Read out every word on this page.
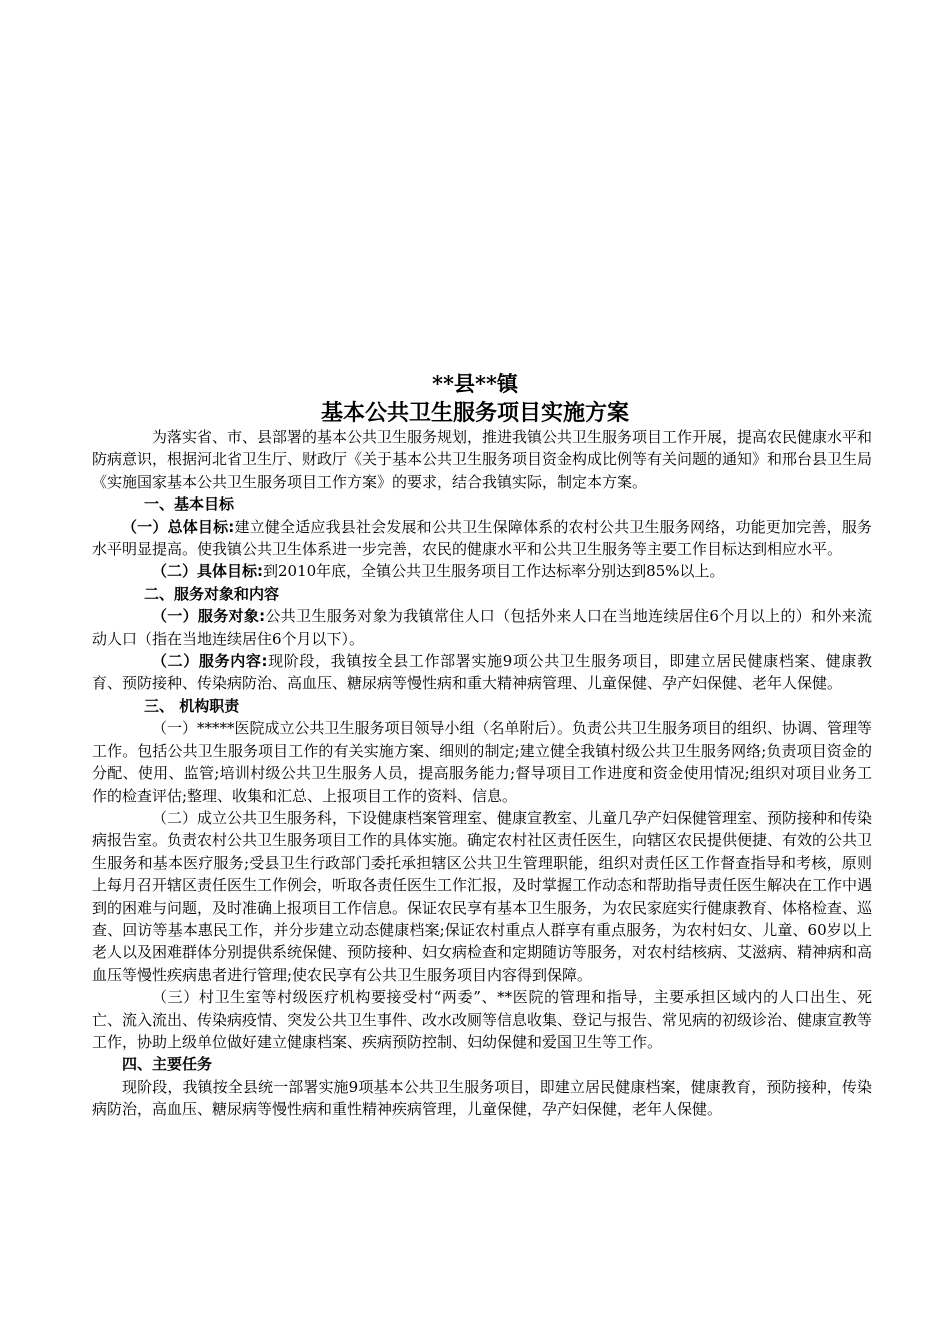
**县**镇
基本公共卫生服务项目实施方案

为落实省、市、县部署的基本公共卫生服务规划，推进我镇公共卫生服务项目工作开展，提高农民健康水平和防病意识，根据河北省卫生厅、财政厅《关于基本公共卫生服务项目资金构成比例等有关问题的通知》和邢台县卫生局《实施国家基本公共卫生服务项目工作方案》的要求，结合我镇实际，制定本方案。

一、基本目标

（一）总体目标:建立健全适应我县社会发展和公共卫生保障体系的农村公共卫生服务网络，功能更加完善，服务水平明显提高。使我镇公共卫生体系进一步完善，农民的健康水平和公共卫生服务等主要工作目标达到相应水平。

（二）具体目标:到2010年底，全镇公共卫生服务项目工作达标率分别达到85%以上。

二、服务对象和内容

（一）服务对象:公共卫生服务对象为我镇常住人口（包括外来人口在当地连续居住6个月以上的）和外来流动人口（指在当地连续居住6个月以下）。

（二）服务内容:现阶段，我镇按全县工作部署实施9项公共卫生服务项目，即建立居民健康档案、健康教育、预防接种、传染病防治、高血压、糖尿病等慢性病和重大精神病管理、儿童保健、孕产妇保健、老年人保健。

三、 机构职责

（一）*****医院成立公共卫生服务项目领导小组（名单附后）。负责公共卫生服务项目的组织、协调、管理等工作。包括公共卫生服务项目工作的有关实施方案、细则的制定;建立健全我镇村级公共卫生服务网络;负责项目资金的分配、使用、监管;培训村级公共卫生服务人员，提高服务能力;督导项目工作进度和资金使用情况;组织对项目业务工作的检查评估;整理、收集和汇总、上报项目工作的资料、信息。

（二）成立公共卫生服务科，下设健康档案管理室、健康宣教室、儿童几孕产妇保健管理室、预防接种和传染病报告室。负责农村公共卫生服务项目工作的具体实施。确定农村社区责任医生，向辖区农民提供便捷、有效的公共卫生服务和基本医疗服务;受县卫生行政部门委托承担辖区公共卫生管理职能，组织对责任区工作督查指导和考核，原则上每月召开辖区责任医生工作例会，听取各责任医生工作汇报，及时掌握工作动态和帮助指导责任医生解决在工作中遇到的困难与问题，及时准确上报项目工作信息。保证农民享有基本卫生服务，为农民家庭实行健康教育、体格检查、巡查、回访等基本惠民工作，并分步建立动态健康档案;保证农村重点人群享有重点服务，为农村妇女、儿童、60岁以上老人以及困难群体分别提供系统保健、预防接种、妇女病检查和定期随访等服务，对农村结核病、艾滋病、精神病和高血压等慢性疾病患者进行管理;使农民享有公共卫生服务项目内容得到保障。

（三）村卫生室等村级医疗机构要接受村“两委”、**医院的管理和指导，主要承担区域内的人口出生、死亡、流入流出、传染病疫情、突发公共卫生事件、改水改厕等信息收集、登记与报告、常见病的初级诊治、健康宣教等工作，协助上级单位做好建立健康档案、疾病预防控制、妇幼保健和爱国卫生等工作。

四、主要任务

现阶段，我镇按全县统一部署实施9项基本公共卫生服务项目，即建立居民健康档案，健康教育，预防接种，传染病防治，高血压、糖尿病等慢性病和重性精神疾病管理，儿童保健，孕产妇保健，老年人保健。
